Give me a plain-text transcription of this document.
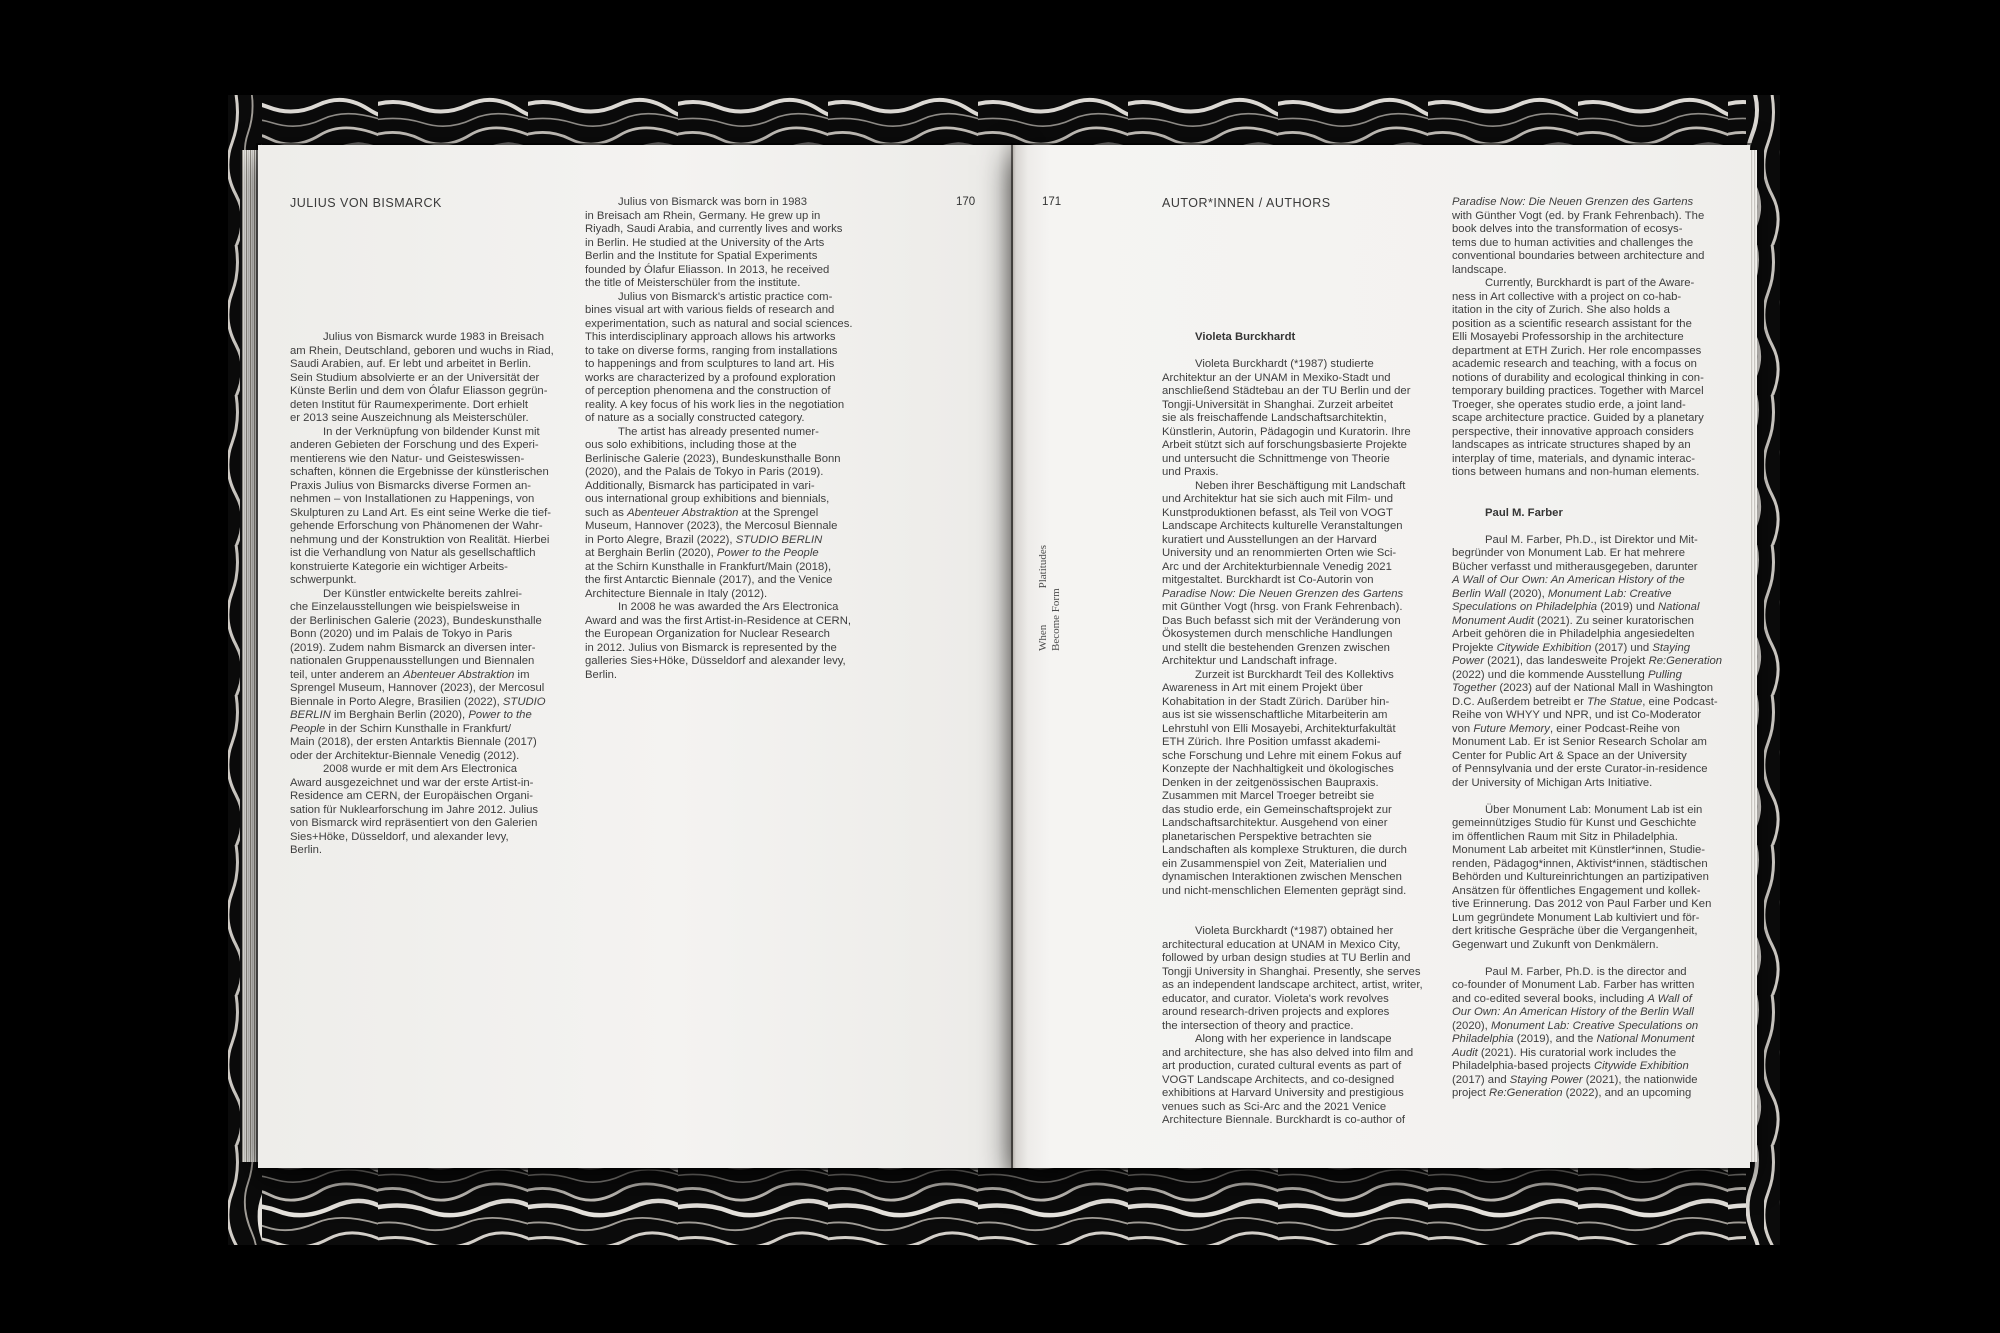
JULIUS VON BISMARCK	170
Julius von Bismarck wurde 1983 in Breisach
am Rhein, Deutschland, geboren und wuchs in Riad,
Saudi Arabien, auf. Er lebt und arbeitet in Berlin.
Sein Studium absolvierte er an der Universität der
Künste Berlin und dem von Ólafur Eliasson gegrün-
deten Institut für Raumexperimente. Dort erhielt
er 2013 seine Auszeichnung als Meisterschüler.
In der Verknüpfung von bildender Kunst mit
anderen Gebieten der Forschung und des Experi-
mentierens wie den Natur- und Geisteswissen-
schaften, können die Ergebnisse der künstlerischen
Praxis Julius von Bismarcks diverse Formen an-
nehmen – von Installationen zu Happenings, von
Skulpturen zu Land Art. Es eint seine Werke die tief-
gehende Erforschung von Phänomenen der Wahr-
nehmung und der Konstruktion von Realität. Hierbei
ist die Verhandlung von Natur als gesellschaftlich
konstruierte Kategorie ein wichtiger Arbeits-
schwerpunkt.
Der Künstler entwickelte bereits zahlrei-
che Einzelausstellungen wie beispielsweise in
der Berlinischen Galerie (2023), Bundeskunsthalle
Bonn (2020) und im Palais de Tokyo in Paris
(2019). Zudem nahm Bismarck an diversen inter-
nationalen Gruppenausstellungen und Biennalen
teil, unter anderem an Abenteuer Abstraktion im
Sprengel Museum, Hannover (2023), der Mercosul
Biennale in Porto Alegre, Brasilien (2022), STUDIO
BERLIN im Berghain Berlin (2020), Power to the
People in der Schirn Kunsthalle in Frankfurt/
Main (2018), der ersten Antarktis Biennale (2017)
oder der Architektur-Biennale Venedig (2012).
2008 wurde er mit dem Ars Electronica
Award ausgezeichnet und war der erste Artist-in-
Residence am CERN, der Europäischen Organi-
sation für Nuklearforschung im Jahre 2012. Julius
von Bismarck wird repräsentiert von den Galerien
Sies+Höke, Düsseldorf, und alexander levy,
Berlin.
Julius von Bismarck was born in 1983
in Breisach am Rhein, Germany. He grew up in
Riyadh, Saudi Arabia, and currently lives and works
in Berlin. He studied at the University of the Arts
Berlin and the Institute for Spatial Experiments
founded by Ólafur Eliasson. In 2013, he received
the title of Meisterschüler from the institute.
Julius von Bismarck's artistic practice com-
bines visual art with various fields of research and
experimentation, such as natural and social sciences.
This interdisciplinary approach allows his artworks
to take on diverse forms, ranging from installations
to happenings and from sculptures to land art. His
works are characterized by a profound exploration
of perception phenomena and the construction of
reality. A key focus of his work lies in the negotiation
of nature as a socially constructed category.
The artist has already presented numer-
ous solo exhibitions, including those at the
Berlinische Galerie (2023), Bundeskunsthalle Bonn
(2020), and the Palais de Tokyo in Paris (2019).
Additionally, Bismarck has participated in vari-
ous international group exhibitions and biennials,
such as Abenteuer Abstraktion at the Sprengel
Museum, Hannover (2023), the Mercosul Biennale
in Porto Alegre, Brazil (2022), STUDIO BERLIN
at Berghain Berlin (2020), Power to the People
at the Schirn Kunsthalle in Frankfurt/Main (2018),
the first Antarctic Biennale (2017), and the Venice
Architecture Biennale in Italy (2012).
In 2008 he was awarded the Ars Electronica
Award and was the first Artist-in-Residence at CERN,
the European Organization for Nuclear Research
in 2012. Julius von Bismarck is represented by the
galleries Sies+Höke, Düsseldorf and alexander levy,
Berlin.
171	AUTOR*INNEN / AUTHORS
Violeta Burckhardt
Violeta Burckhardt (*1987) studierte
Architektur an der UNAM in Mexiko-Stadt und
anschließend Städtebau an der TU Berlin und der
Tongji-Universität in Shanghai. Zurzeit arbeitet
sie als freischaffende Landschaftsarchitektin,
Künstlerin, Autorin, Pädagogin und Kuratorin. Ihre
Arbeit stützt sich auf forschungsbasierte Projekte
und untersucht die Schnittmenge von Theorie
und Praxis.
Neben ihrer Beschäftigung mit Landschaft
und Architektur hat sie sich auch mit Film- und
Kunstproduktionen befasst, als Teil von VOGT
Landscape Architects kulturelle Veranstaltungen
kuratiert und Ausstellungen an der Harvard
University und an renommierten Orten wie Sci-
Arc und der Architekturbiennale Venedig 2021
mitgestaltet. Burckhardt ist Co-Autorin von
Paradise Now: Die Neuen Grenzen des Gartens
mit Günther Vogt (hrsg. von Frank Fehrenbach).
Das Buch befasst sich mit der Veränderung von
Ökosystemen durch menschliche Handlungen
und stellt die bestehenden Grenzen zwischen
Architektur und Landschaft infrage.
Zurzeit ist Burckhardt Teil des Kollektivs
Awareness in Art mit einem Projekt über
Kohabitation in der Stadt Zürich. Darüber hin-
aus ist sie wissenschaftliche Mitarbeiterin am
Lehrstuhl von Elli Mosayebi, Architekturfakultät
ETH Zürich. Ihre Position umfasst akademi-
sche Forschung und Lehre mit einem Fokus auf
Konzepte der Nachhaltigkeit und ökologisches
Denken in der zeitgenössischen Baupraxis.
Zusammen mit Marcel Troeger betreibt sie
das studio erde, ein Gemeinschaftsprojekt zur
Landschaftsarchitektur. Ausgehend von einer
planetarischen Perspektive betrachten sie
Landschaften als komplexe Strukturen, die durch
ein Zusammenspiel von Zeit, Materialien und
dynamischen Interaktionen zwischen Menschen
und nicht-menschlichen Elementen geprägt sind.
Violeta Burckhardt (*1987) obtained her
architectural education at UNAM in Mexico City,
followed by urban design studies at TU Berlin and
Tongji University in Shanghai. Presently, she serves
as an independent landscape architect, artist, writer,
educator, and curator. Violeta's work revolves
around research-driven projects and explores
the intersection of theory and practice.
Along with her experience in landscape
and architecture, she has also delved into film and
art production, curated cultural events as part of
VOGT Landscape Architects, and co-designed
exhibitions at Harvard University and prestigious
venues such as Sci-Arc and the 2021 Venice
Architecture Biennale. Burckhardt is co-author of
Paradise Now: Die Neuen Grenzen des Gartens
with Günther Vogt (ed. by Frank Fehrenbach). The
book delves into the transformation of ecosys-
tems due to human activities and challenges the
conventional boundaries between architecture and
landscape.
Currently, Burckhardt is part of the Aware-
ness in Art collective with a project on co-hab-
itation in the city of Zurich. She also holds a
position as a scientific research assistant for the
Elli Mosayebi Professorship in the architecture
department at ETH Zurich. Her role encompasses
academic research and teaching, with a focus on
notions of durability and ecological thinking in con-
temporary building practices. Together with Marcel
Troeger, she operates studio erde, a joint land-
scape architecture practice. Guided by a planetary
perspective, their innovative approach considers
landscapes as intricate structures shaped by an
interplay of time, materials, and dynamic interac-
tions between humans and non-human elements.
Paul M. Farber
Paul M. Farber, Ph.D., ist Direktor und Mit-
begründer von Monument Lab. Er hat mehrere
Bücher verfasst und mitherausgegeben, darunter
A Wall of Our Own: An American History of the
Berlin Wall (2020), Monument Lab: Creative
Speculations on Philadelphia (2019) und National
Monument Audit (2021). Zu seiner kuratorischen
Arbeit gehören die in Philadelphia angesiedelten
Projekte Citywide Exhibition (2017) und Staying
Power (2021), das landesweite Projekt Re:Generation
(2022) und die kommende Ausstellung Pulling
Together (2023) auf der National Mall in Washington
D.C. Außerdem betreibt er The Statue, eine Podcast-
Reihe von WHYY und NPR, und ist Co-Moderator
von Future Memory, einer Podcast-Reihe von
Monument Lab. Er ist Senior Research Scholar am
Center for Public Art & Space an der University
of Pennsylvania und der erste Curator-in-residence
der University of Michigan Arts Initiative.
Über Monument Lab: Monument Lab ist ein
gemeinnütziges Studio für Kunst und Geschichte
im öffentlichen Raum mit Sitz in Philadelphia.
Monument Lab arbeitet mit Künstler*innen, Studie-
renden, Pädagog*innen, Aktivist*innen, städtischen
Behörden und Kultureinrichtungen an partizipativen
Ansätzen für öffentliches Engagement und kollek-
tive Erinnerung. Das 2012 von Paul Farber und Ken
Lum gegründete Monument Lab kultiviert und för-
dert kritische Gespräche über die Vergangenheit,
Gegenwart und Zukunft von Denkmälern.
Paul M. Farber, Ph.D. is the director and
co-founder of Monument Lab. Farber has written
and co-edited several books, including A Wall of
Our Own: An American History of the Berlin Wall
(2020), Monument Lab: Creative Speculations on
Philadelphia (2019), and the National Monument
Audit (2021). His curatorial work includes the
Philadelphia-based projects Citywide Exhibition
(2017) and Staying Power (2021), the nationwide
project Re:Generation (2022), and an upcoming
When
Platitudes
Become Form
